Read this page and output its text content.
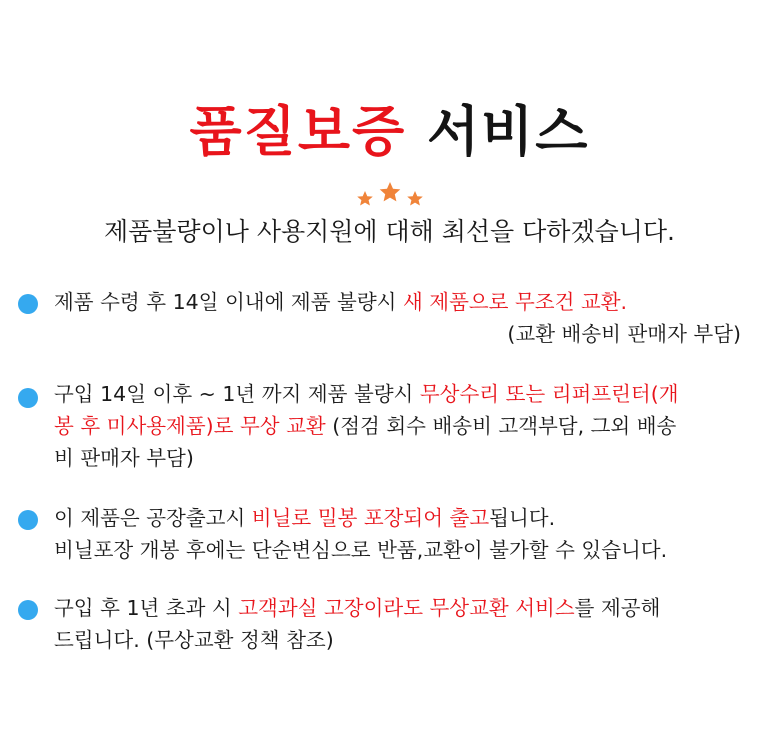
품질보증 서비스
제품불량이나 사용지원에 대해 최선을 다하겠습니다.
제품 수령 후 14일 이내에 제품 불량시 새 제품으로 무조건 교환.
(교환 배송비 판매자 부담)
구입 14일 이후 ~ 1년 까지 제품 불량시 무상수리 또는 리퍼프린터(개
봉 후 미사용제품)로 무상 교환 (점검 회수 배송비 고객부담, 그외 배송
비 판매자 부담)
이 제품은 공장출고시 비닐로 밀봉 포장되어 출고됩니다.
비닐포장 개봉 후에는 단순변심으로 반품,교환이 불가할 수 있습니다.
구입 후 1년 초과 시 고객과실 고장이라도 무상교환 서비스를 제공해
드립니다. (무상교환 정책 참조)
